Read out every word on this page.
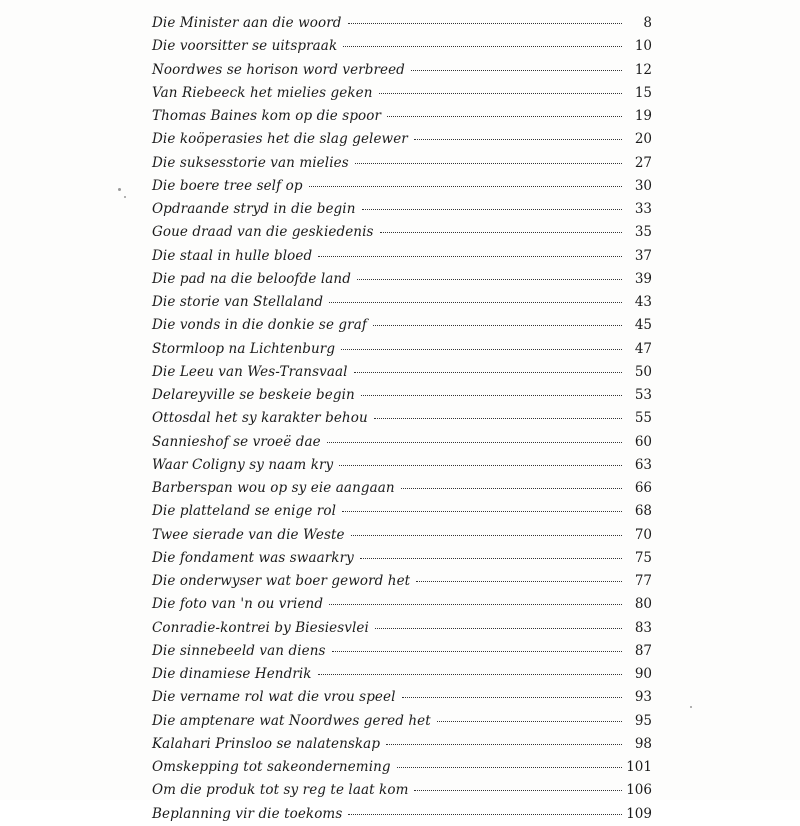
Die Minister aan die woord	8
Die voorsitter se uitspraak	10
Noordwes se horison word verbreed	12
Van Riebeeck het mielies geken	15
Thomas Baines kom op die spoor	19
Die koöperasies het die slag gelewer	20
Die suksesstorie van mielies	27
Die boere tree self op	30
Opdraande stryd in die begin	33
Goue draad van die geskiedenis	35
Die staal in hulle bloed	37
Die pad na die beloofde land	39
Die storie van Stellaland	43
Die vonds in die donkie se graf	45
Stormloop na Lichtenburg	47
Die Leeu van Wes-Transvaal	50
Delareyville se beskeie begin	53
Ottosdal het sy karakter behou	55
Sannieshof se vroeë dae	60
Waar Coligny sy naam kry	63
Barberspan wou op sy eie aangaan	66
Die platteland se enige rol	68
Twee sierade van die Weste	70
Die fondament was swaarkry	75
Die onderwyser wat boer geword het	77
Die foto van 'n ou vriend	80
Conradie-kontrei by Biesiesvlei	83
Die sinnebeeld van diens	87
Die dinamiese Hendrik	90
Die vername rol wat die vrou speel	93
Die amptenare wat Noordwes gered het	95
Kalahari Prinsloo se nalatenskap	98
Omskepping tot sakeonderneming	101
Om die produk tot sy reg te laat kom	106
Beplanning vir die toekoms	109
